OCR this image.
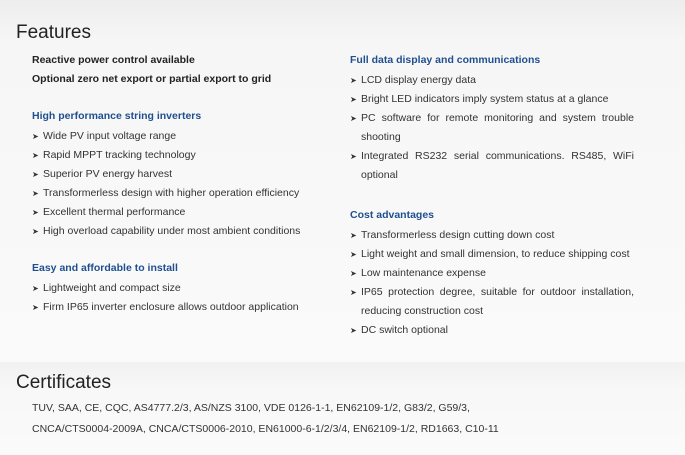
Features

Reactive power control available

Optional zero net export or partial export to grid

High performance string inverters

➤ Wide PV input voltage range
➤ Rapid MPPT tracking technology
➤ Superior PV energy harvest
➤ Transformerless design with higher operation efficiency
➤ Excellent thermal performance
➤ High overload capability under most ambient conditions

Easy and affordable to install

➤ Lightweight and compact size
➤ Firm IP65 inverter enclosure allows outdoor application

Full data display and communications

➤ LCD display energy data
➤ Bright LED indicators imply system status at a glance
➤ PC software for remote monitoring and system trouble shooting
➤ Integrated RS232 serial communications. RS485, WiFi optional

Cost advantages

➤ Transformerless design cutting down cost
➤ Light weight and small dimension, to reduce shipping cost
➤ Low maintenance expense
➤ IP65 protection degree, suitable for outdoor installation, reducing construction cost
➤ DC switch optional
Certificates

TUV, SAA, CE, CQC, AS4777.2/3, AS/NZS 3100, VDE 0126-1-1, EN62109-1/2, G83/2, G59/3,

CNCA/CTS0004-2009A, CNCA/CTS0006-2010, EN61000-6-1/2/3/4, EN62109-1/2, RD1663, C10-11
